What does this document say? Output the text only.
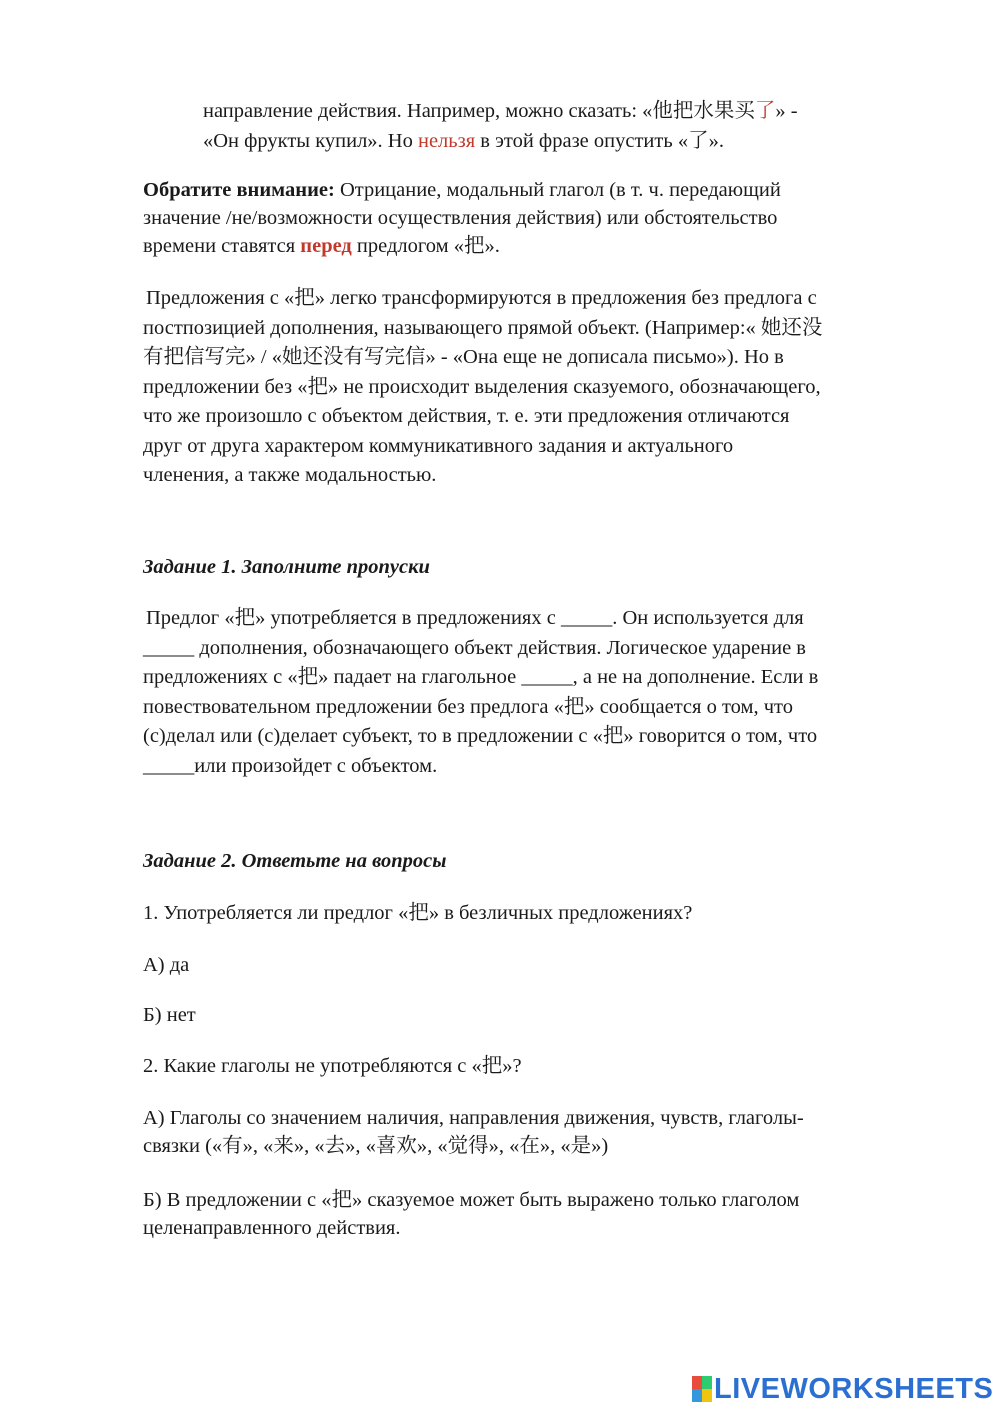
направление действия. Например, можно сказать: «他把水果买了» -
«Он фрукты купил». Но нельзя в этой фразе опустить «了».
Обратите внимание: Отрицание, модальный глагол (в т. ч. передающий
значение /не/возможности осуществления действия) или обстоятельство
времени ставятся перед предлогом «把».
Предложения с «把» легко трансформируются в предложения без предлога с
постпозицией дополнения, называющего прямой объект. (Например:« 她还没
有把信写完» / «她还没有写完信» - «Она еще не дописала письмо»). Но в
предложении без «把» не происходит выделения сказуемого, обозначающего,
что же произошло с объектом действия, т. е. эти предложения отличаются
друг от друга характером коммуникативного задания и актуального
членения, а также модальностью.
Задание 1. Заполните пропуски
Предлог «把» употребляется в предложениях с _____. Он используется для
_____ дополнения, обозначающего объект действия. Логическое ударение в
предложениях с «把» падает на глагольное _____, а не на дополнение. Если в
повествовательном предложении без предлога «把» сообщается о том, что
(с)делал или (с)делает субъект, то в предложении с «把» говорится о том, что
_____или произойдет с объектом.
Задание 2. Ответьте на вопросы
1. Употребляется ли предлог «把» в безличных предложениях?
А) да
Б) нет
2. Какие глаголы не употребляются с «把»?
А) Глаголы со значением наличия, направления движения, чувств, глаголы-
связки («有», «来», «去», «喜欢», «觉得», «在», «是»)
Б) В предложении с «把» сказуемое может быть выражено только глаголом
целенаправленного действия.
LIVEWORKSHEETS
